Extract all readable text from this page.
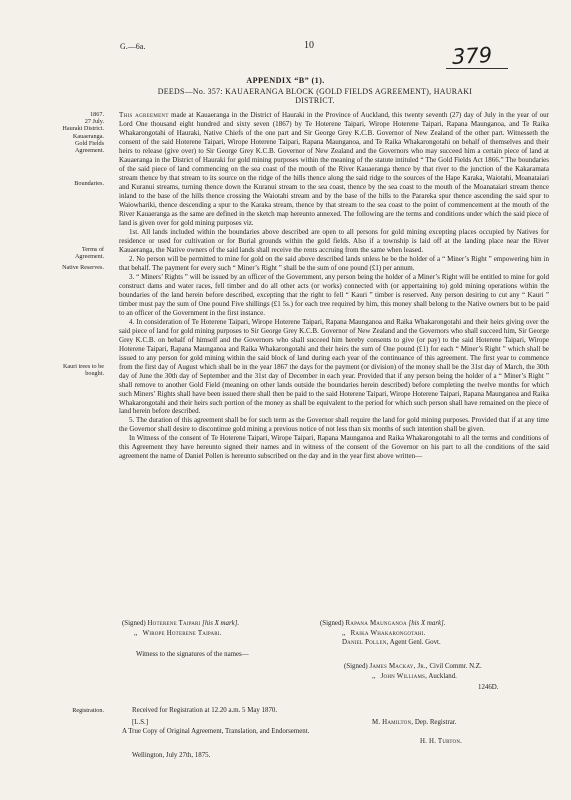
G.—6a.	10	379
APPENDIX “B” (1).
DEEDS—No. 357: KAUAERANGA BLOCK (GOLD FIELDS AGREEMENT), HAURAKI DISTRICT.
1867.
27 July.
Hauraki District.
Kauaeranga.
Gold Fields
Agreement.
Boundaries.
Terms of
Agreement.
Native Reserves.
Kauri trees to be
bought.
Registration.

This agreement made at Kauaeranga in the District of Hauraki in the Province of Auckland, this twenty seventh (27) day of July in the year of our Lord One thousand eight hundred and sixty seven (1867) by Te Hoterene Taipari, Wirope Hoterene Taipari, Rapana Maunganoa, and Te Raika Whakarongotahi of Hauraki, Native Chiefs of the one part and Sir George Grey K.C.B. Governor of New Zealand of the other part. Witnesseth the consent of the said Hoterene Taipari, Wirope Hoterene Taipari, Rapana Maunganoa, and Te Raika Whakarongotahi on behalf of themselves and their heirs to release (give over) to Sir George Grey K.C.B. Governor of New Zealand and the Governors who may succeed him a certain piece of land at Kauaeranga in the District of Hauraki for gold mining purposes within the meaning of the statute intituled “ The Gold Fields Act 1866.” The boundaries of the said piece of land commencing on the sea coast of the mouth of the River Kauaeranga thence by that river to the junction of the Kakaramata stream thence by that stream to its source on the ridge of the hills thence along the said ridge to the sources of the Hape Karaka, Waiotahi, Moanataiari and Kuranui streams, turning thence down the Kuranui stream to the sea coast, thence by the sea coast to the mouth of the Moanataiari stream thence inland to the base of the hills thence crossing the Waiotahi stream and by the base of the hills to the Parareka spur thence ascending the said spur to Waiowhariki, thence descending a spur to the Karaka stream, thence by that stream to the sea coast to the point of commencement at the mouth of the River Kauaeranga as the same are defined in the sketch map hereunto annexed. The following are the terms and conditions under which the said piece of land is given over for gold mining purposes viz.

1st. All lands included within the boundaries above described are open to all persons for gold mining excepting places occupied by Natives for residence or used for cultivation or for Burial grounds within the gold fields. Also if a township is laid off at the landing place near the River Kauaeranga, the Native owners of the said lands shall receive the rents accruing from the same when leased.

2. No person will be permitted to mine for gold on the said above described lands unless he be the holder of a “ Miner’s Right ” empowering him in that behalf. The payment for every such “ Miner’s Right ” shall be the sum of one pound (£1) per annum.

3. “ Miners’ Rights ” will be issued by an officer of the Government, any person being the holder of a Miner’s Right will be entitled to mine for gold construct dams and water races, fell timber and do all other acts (or works) connected with (or appertaining to) gold mining operations within the boundaries of the land herein before described, excepting that the right to fell “ Kauri ” timber is reserved. Any person desiring to cut any “ Kauri ” timber must pay the sum of One pound Five shillings (£1 5s.) for each tree required by him, this money shall belong to the Native owners but to be paid to an officer of the Government in the first instance.

4. In consideration of Te Hoterene Taipari, Wirope Hoterene Taipari, Rapana Maunganoa and Raika Whakarongotahi and their heirs giving over the said piece of land for gold mining purposes to Sir George Grey K.C.B. Governor of New Zealand and the Governors who shall succeed him, Sir George Grey K.C.B. on behalf of himself and the Governors who shall succeed him hereby consents to give (or pay) to the said Hoterene Taipari, Wirope Hoterene Taipari, Rapana Maunganoa and Raika Whakarongotahi and their heirs the sum of One pound (£1) for each “ Miner’s Right ” which shall be issued to any person for gold mining within the said block of land during each year of the continuance of this agreement. The first year to commence from the first day of August which shall be in the year 1867 the days for the payment (or division) of the money shall be the 31st day of March, the 30th day of June the 30th day of September and the 31st day of December in each year. Provided that if any person being the holder of a “ Miner’s Right ” shall remove to another Gold Field (meaning on other lands outside the boundaries herein described) before completing the twelve months for which such Miners’ Rights shall have been issued there shall then be paid to the said Hoterene Taipari, Wirope Hoterene Taipari, Rapana Maunganoa and Raika Whakarongotahi and their heirs such portion of the money as shall be equivalent to the period for which such person shall have remained on the piece of land herein before described.

5. The duration of this agreement shall be for such term as the Governor shall require the land for gold mining purposes. Provided that if at any time the Governor shall desire to discontinue gold mining a previous notice of not less than six months of such intention shall be given.

In Witness of the consent of Te Hoterene Taipari, Wirope Taipari, Rapana Maunganoa and Raika Whakarongotahi to all the terms and conditions of this Agreement they have hereunto signed their names and in witness of the consent of the Governor on his part to all the conditions of the said agreement the name of Daniel Pollen is hereunto subscribed on the day and in the year first above written—

(Signed) Hoterene Taipari [his X mark].	(Signed) Rapana Maunganoa [his X mark].
,, Wirope Hoterene Taipari.	,, Raika Whakarongotahi.
Daniel Pollen, Agent Genl. Govt.
Witness to the signatures of the names—
(Signed) James Mackay, Jr., Civil Commr. N.Z.
,, John Williams, Auckland.
1246D.
Received for Registration at 12.20 a.m. 5 May 1870.
[L.S.]	M. Hamilton, Dep. Registrar.
A True Copy of Original Agreement, Translation, and Endorsement.
H. H. Turton.
Wellington, July 27th, 1875.
